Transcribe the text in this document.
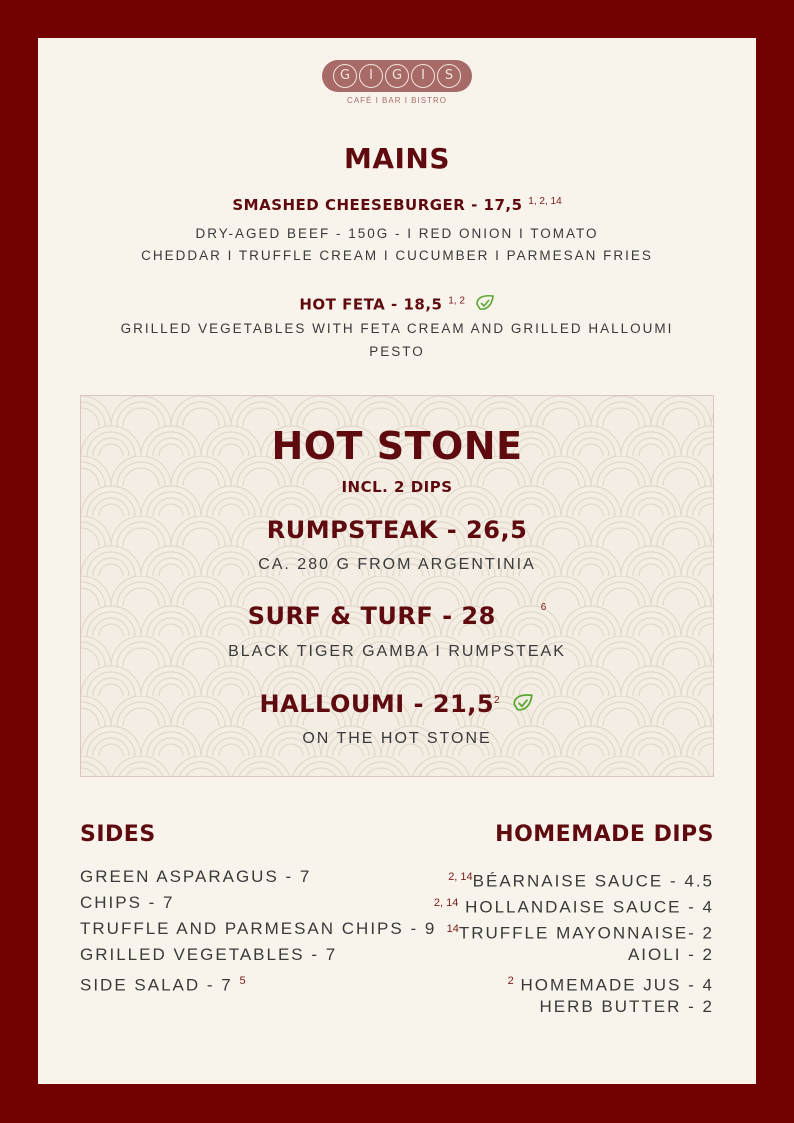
G I G I S
CAFÉ I BAR I BISTRO
MAINS
SMASHED CHEESEBURGER - 17,5 $^{1, 2, 14}$
DRY-AGED BEEF - 150G - I RED ONION I TOMATO
CHEDDAR I TRUFFLE CREAM I CUCUMBER I PARMESAN FRIES
HOT FETA - 18,5 $^{1, 2}$
GRILLED VEGETABLES WITH FETA CREAM AND GRILLED HALLOUMI
PESTO
HOT STONE
INCL. 2 DIPS
RUMPSTEAK - 26,5
CA. 280 G FROM ARGENTINIA
SURF & TURF - 28	$^6$
BLACK TIGER GAMBA I RUMPSTEAK
HALLOUMI - 21,5$^2$
ON THE HOT STONE
SIDES	HOMEMADE DIPS
GREEN ASPARAGUS - 7
CHIPS - 7
TRUFFLE AND PARMESAN CHIPS - 9
GRILLED VEGETABLES - 7
SIDE SALAD - 7 $^5$
$^{2, 14}$BÉARNAISE SAUCE - 4.5
$^{2, 14}$ HOLLANDAISE SAUCE - 4
$^{14}$TRUFFLE MAYONNAISE- 2
AIOLI - 2
$^2$ HOMEMADE JUS - 4
HERB BUTTER - 2
